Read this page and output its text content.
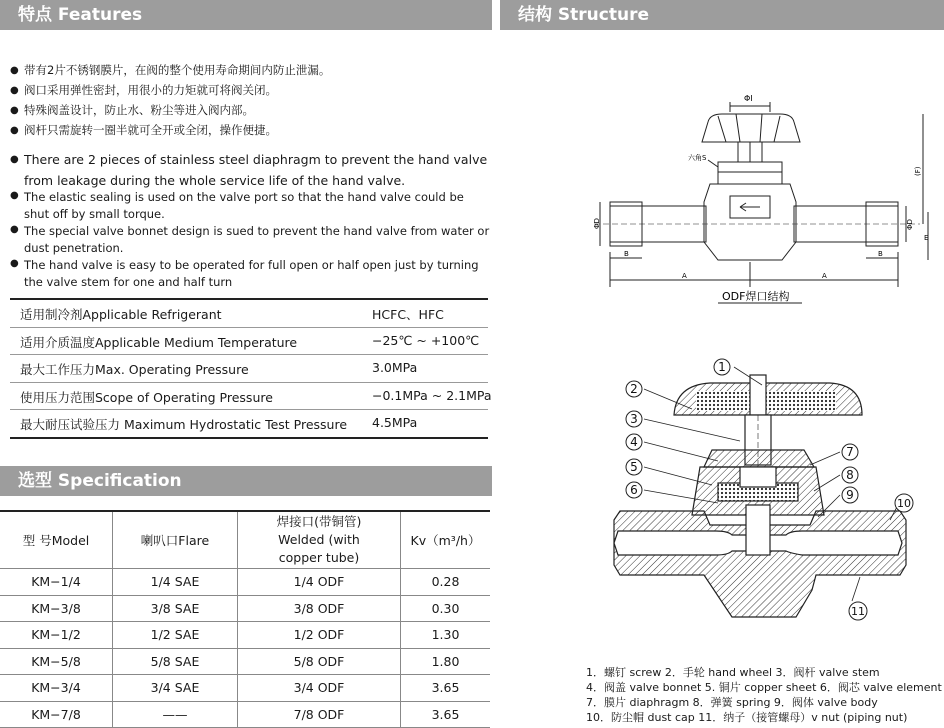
特点 Features	结构 Structure
选型 Specification
● 带有2片不锈钢膜片，在阀的整个使用寿命期间内防止泄漏。
● 阀口采用弹性密封，用很小的力矩就可将阀关闭。
● 特殊阀盖设计，防止水、粉尘等进入阀内部。
● 阀杆只需旋转一圈半就可全开或全闭，操作便捷。
● There are 2 pieces of stainless steel diaphragm to prevent the hand valve
from leakage during the whole service life of the hand valve.
● The elastic sealing is used on the valve port so that the hand valve could be
shut off by small torque.
● The special valve bonnet design is sued to prevent the hand valve from water or
dust penetration.
● The hand valve is easy to be operated for full open or half open just by turning
the valve stem for one and half turn
适用制冷剂Applicable Refrigerant	HCFC、HFC
适用介质温度Applicable Medium Temperature	−25℃ ~ +100℃
最大工作压力Max. Operating Pressure	3.0MPa
使用压力范围Scope of Operating Pressure	−0.1MPa ~ 2.1MPa
最大耐压试验压力 Maximum Hydrostatic Test Pressure 4.5MPa
型 号Model	喇叭口Flare	焊接口(带铜管)
Welded (with
copper tube)	Kv（m³/h）
KM−1/4	1/4 SAE	1/4 ODF	0.28
KM−3/8	3/8 SAE	3/8 ODF	0.30
KM−1/2	1/2 SAE	1/2 ODF	1.30
KM−5/8	5/8 SAE	5/8 ODF	1.80
KM−3/4	3/4 SAE	3/4 ODF	3.65
KM−7/8	——	7/8 ODF	3.65
ΦI
六角S
(F)
ΦD	ΦD
E
B	B
A	A
ODF焊口结构
1
2
3
4
5
6
7
8
9
10
11
1．螺钉 screw 2．手轮 hand wheel 3．阀杆 valve stem
4．阀盖 valve bonnet 5. 铜片 copper sheet 6．阀芯 valve element
7．膜片 diaphragm 8．弹簧 spring 9．阀体 valve body
10．防尘帽 dust cap 11．纳子（接管螺母）v nut (piping nut)
